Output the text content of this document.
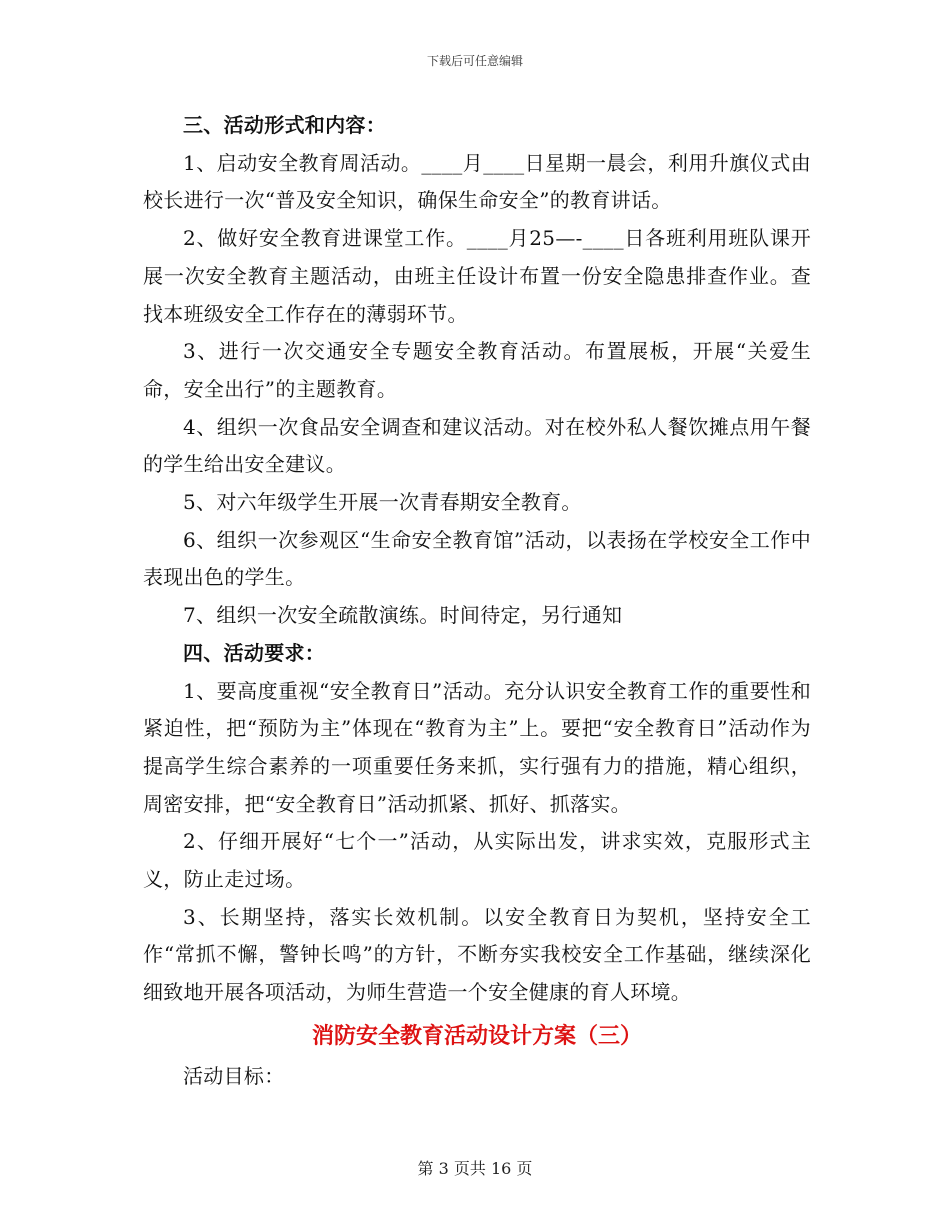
下载后可任意编辑

三、活动形式和内容：

1、启动安全教育周活动。____月____日星期一晨会，利用升旗仪式由校长进行一次“普及安全知识，确保生命安全”的教育讲话。

2、做好安全教育进课堂工作。____月25—-____日各班利用班队课开展一次安全教育主题活动，由班主任设计布置一份安全隐患排查作业。查找本班级安全工作存在的薄弱环节。

3、进行一次交通安全专题安全教育活动。布置展板，开展“关爱生命，安全出行”的主题教育。

4、组织一次食品安全调查和建议活动。对在校外私人餐饮摊点用午餐的学生给出安全建议。

5、对六年级学生开展一次青春期安全教育。

6、组织一次参观区“生命安全教育馆”活动，以表扬在学校安全工作中表现出色的学生。

7、组织一次安全疏散演练。时间待定，另行通知

四、活动要求：

1、要高度重视“安全教育日”活动。充分认识安全教育工作的重要性和紧迫性，把“预防为主”体现在“教育为主”上。要把“安全教育日”活动作为提高学生综合素养的一项重要任务来抓，实行强有力的措施，精心组织，周密安排，把“安全教育日”活动抓紧、抓好、抓落实。

2、仔细开展好“七个一”活动，从实际出发，讲求实效，克服形式主义，防止走过场。

3、长期坚持，落实长效机制。以安全教育日为契机，坚持安全工作“常抓不懈，警钟长鸣”的方针，不断夯实我校安全工作基础，继续深化细致地开展各项活动，为师生营造一个安全健康的育人环境。

消防安全教育活动设计方案（三）

活动目标：

第 3 页共 16 页
